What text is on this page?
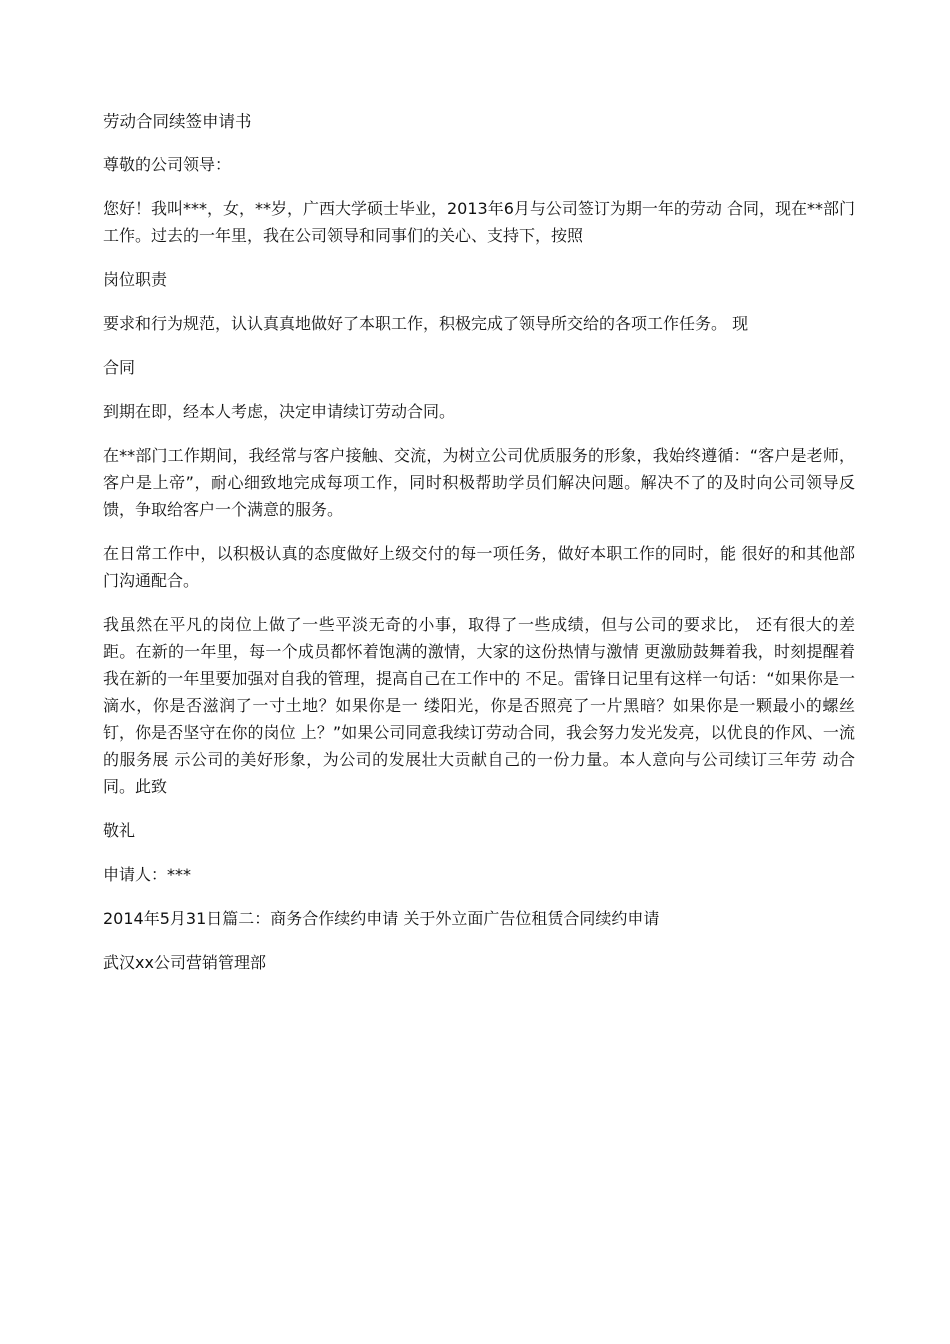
劳动合同续签申请书

尊敬的公司领导：

您好！我叫***，女，**岁，广西大学硕士毕业，2013年6月与公司签订为期一年的劳动 合同，现在**部门工作。过去的一年里，我在公司领导和同事们的关心、支持下，按照

岗位职责

要求和行为规范，认认真真地做好了本职工作，积极完成了领导所交给的各项工作任务。 现

合同

到期在即，经本人考虑，决定申请续订劳动合同。

在**部门工作期间，我经常与客户接触、交流，为树立公司优质服务的形象，我始终遵循：“客户是老师，客户是上帝”，耐心细致地完成每项工作，同时积极帮助学员们解决问题。解决不了的及时向公司领导反馈，争取给客户一个满意的服务。

在日常工作中，以积极认真的态度做好上级交付的每一项任务，做好本职工作的同时，能 很好的和其他部门沟通配合。

我虽然在平凡的岗位上做了一些平淡无奇的小事，取得了一些成绩，但与公司的要求比， 还有很大的差距。在新的一年里，每一个成员都怀着饱满的激情，大家的这份热情与激情 更激励鼓舞着我，时刻提醒着我在新的一年里要加强对自我的管理，提高自己在工作中的 不足。雷锋日记里有这样一句话：“如果你是一滴水，你是否滋润了一寸土地？如果你是一 缕阳光，你是否照亮了一片黑暗？如果你是一颗最小的螺丝钉，你是否坚守在你的岗位 上？”如果公司同意我续订劳动合同，我会努力发光发亮，以优良的作风、一流的服务展 示公司的美好形象，为公司的发展壮大贡献自己的一份力量。本人意向与公司续订三年劳 动合同。此致

敬礼

申请人：***

2014年5月31日篇二：商务合作续约申请 关于外立面广告位租赁合同续约申请

武汉xx公司营销管理部
